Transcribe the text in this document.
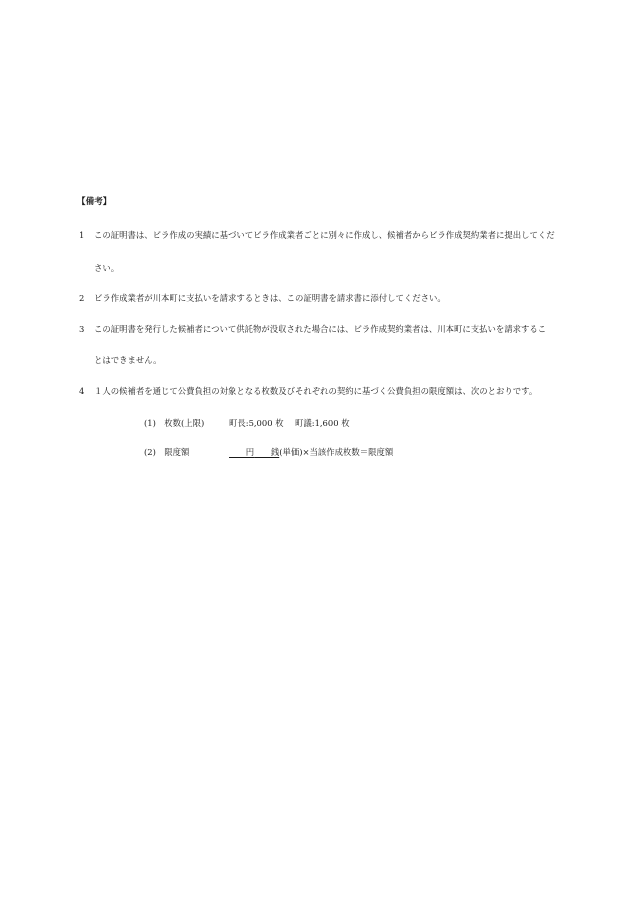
【備考】
1 この証明書は、ビラ作成の実績に基づいてビラ作成業者ごとに別々に作成し、候補者からビラ作成契約業者に提出してくだ
さい。
2 ビラ作成業者が川本町に支払いを請求するときは、この証明書を請求書に添付してください。
3 この証明書を発行した候補者について供託物が没収された場合には、ビラ作成契約業者は、川本町に支払いを請求するこ
とはできません。
4 １人の候補者を通じて公費負担の対象となる枚数及びそれぞれの契約に基づく公費負担の限度額は、次のとおりです。
(1)　枚数(上限)	町長:5,000 枚 町議:1,600 枚
(2)　限度額	　　円　　銭(単価)×当該作成枚数＝限度額
